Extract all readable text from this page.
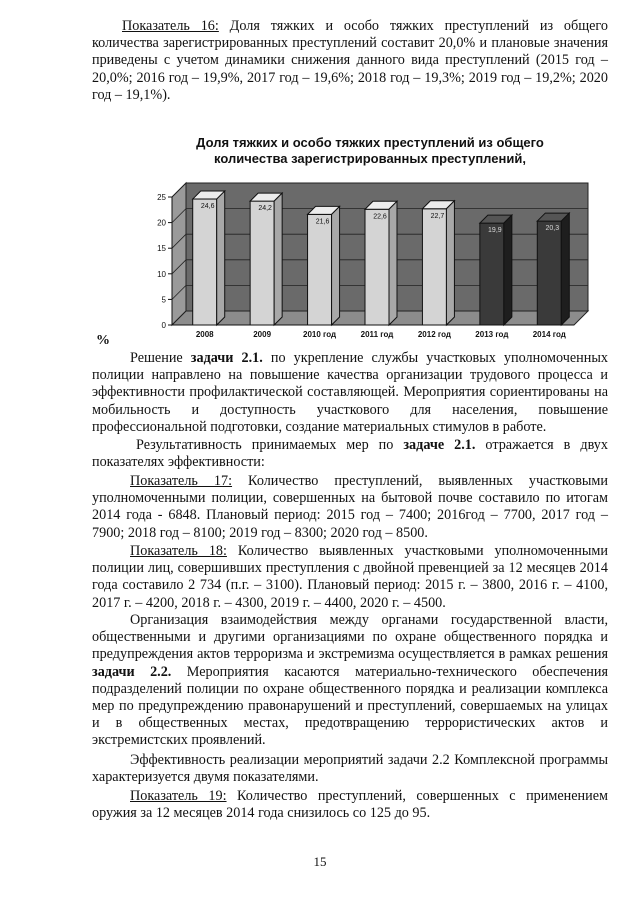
Показатель 16: Доля тяжких и особо тяжких преступлений из общего количества зарегистрированных преступлений составит 20,0% и плановые значения приведены с учетом динамики снижения данного вида преступлений (2015 год – 20,0%; 2016 год – 19,9%, 2017 год – 19,6%; 2018 год – 19,3%; 2019 год – 19,2%; 2020 год – 19,1%).

Доля тяжких и особо тяжких преступлений из общего
количества зарегистрированных преступлений,
0
5
10
15
20
25
24,6
2008
24,2
2009
21,6
2010 год
22,6
2011 год
22,7
2012 год
19,9
2013 год
20,3
2014 год
%

Решение задачи 2.1. по укрепление службы участковых уполномоченных полиции направлено на повышение качества организации трудового процесса и эффективности профилактической составляющей. Мероприятия сориентированы на мобильность и доступность участкового для населения, повышение профессиональной подготовки, создание материальных стимулов в работе.

Результативность принимаемых мер по задаче 2.1. отражается в двух показателях эффективности:

Показатель 17: Количество преступлений, выявленных участковыми уполномоченными полиции, совершенных на бытовой почве составило по итогам 2014 года - 6848. Плановый период: 2015 год – 7400; 2016год – 7700, 2017 год – 7900; 2018 год – 8100; 2019 год – 8300; 2020 год – 8500.

Показатель 18: Количество выявленных участковыми уполномоченными полиции лиц, совершивших преступления с двойной превенцией за 12 месяцев 2014 года составило 2 734 (п.г. – 3100). Плановый период: 2015 г. – 3800, 2016 г. – 4100, 2017 г. – 4200, 2018 г. – 4300, 2019 г. – 4400, 2020 г. – 4500.

Организация взаимодействия между органами государственной власти, общественными и другими организациями по охране общественного порядка и предупреждения актов терроризма и экстремизма осуществляется в рамках решения задачи 2.2. Мероприятия касаются материально-технического обеспечения подразделений полиции по охране общественного порядка и реализации комплекса мер по предупреждению правонарушений и преступлений, совершаемых на улицах и в общественных местах, предотвращению террористических актов и экстремистских проявлений.

Эффективность реализации мероприятий задачи 2.2 Комплексной программы характеризуется двумя показателями.

Показатель 19: Количество преступлений, совершенных с применением оружия за 12 месяцев 2014 года снизилось со 125 до 95.

15
